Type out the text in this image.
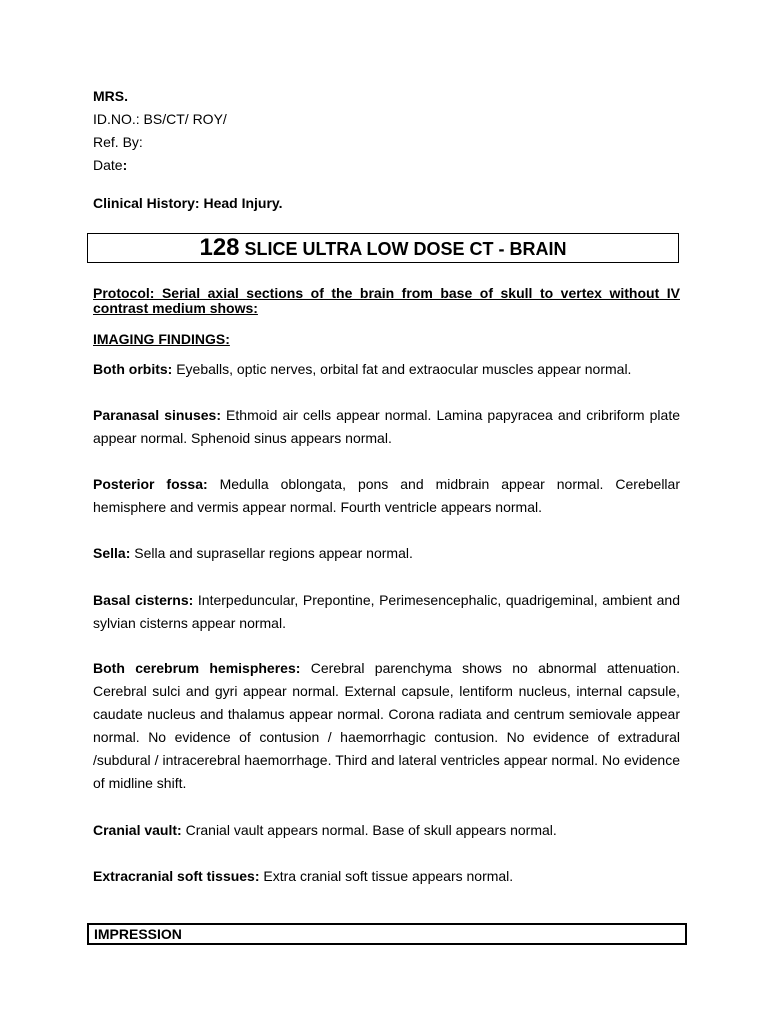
MRS.

ID.NO.: BS/CT/ ROY/

Ref. By:

Date:

Clinical History: Head Injury.

128 SLICE ULTRA LOW DOSE CT - BRAIN

Protocol: Serial axial sections of the brain from base of skull to vertex without IV contrast medium shows:

IMAGING FINDINGS:

Both orbits: Eyeballs, optic nerves, orbital fat and extraocular muscles appear normal.

Paranasal sinuses: Ethmoid air cells appear normal. Lamina papyracea and cribriform plate appear normal. Sphenoid sinus appears normal.

Posterior fossa: Medulla oblongata, pons and midbrain appear normal. Cerebellar hemisphere and vermis appear normal. Fourth ventricle appears normal.

Sella: Sella and suprasellar regions appear normal.

Basal cisterns: Interpeduncular, Prepontine, Perimesencephalic, quadrigeminal, ambient and sylvian cisterns appear normal.

Both cerebrum hemispheres: Cerebral parenchyma shows no abnormal attenuation. Cerebral sulci and gyri appear normal. External capsule, lentiform nucleus, internal capsule, caudate nucleus and thalamus appear normal. Corona radiata and centrum semiovale appear normal. No evidence of contusion / haemorrhagic contusion. No evidence of extradural /subdural / intracerebral haemorrhage. Third and lateral ventricles appear normal. No evidence of midline shift.

Cranial vault: Cranial vault appears normal. Base of skull appears normal.

Extracranial soft tissues: Extra cranial soft tissue appears normal.

IMPRESSION
